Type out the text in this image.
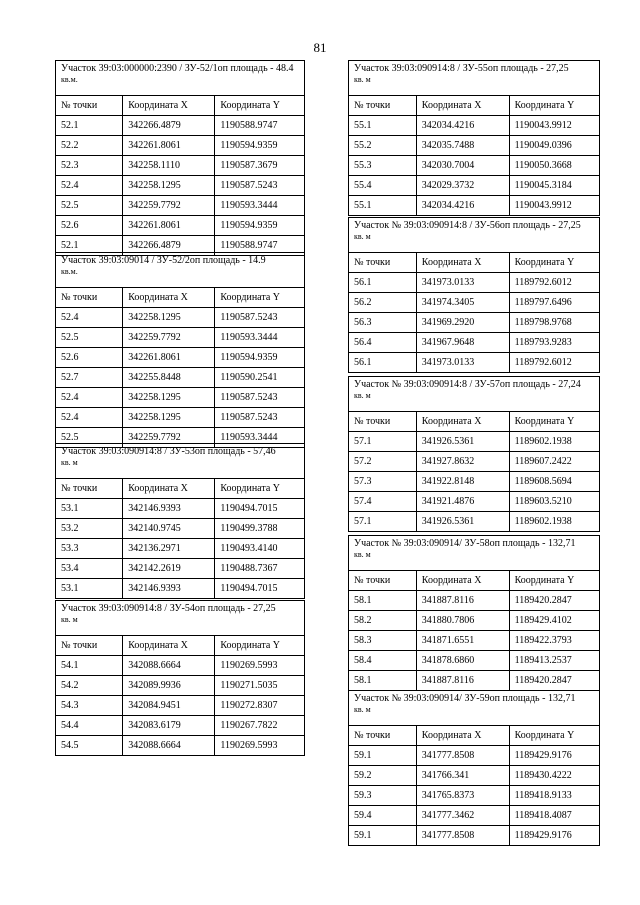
81
Участок 39:03:000000:2390 / ЗУ-52/1оп площадь - 48.4
кв.м.		
№ точки	Координата X	Координата Y
52.1	342266.4879	1190588.9747
52.2	342261.8061	1190594.9359
52.3	342258.1110	1190587.3679
52.4	342258.1295	1190587.5243
52.5	342259.7792	1190593.3444
52.6	342261.8061	1190594.9359
52.1	342266.4879	1190588.9747
Участок 39:03:09014 / ЗУ-52/2оп площадь - 14.9
кв.м.		
№ точки	Координата X	Координата Y
52.4	342258.1295	1190587.5243
52.5	342259.7792	1190593.3444
52.6	342261.8061	1190594.9359
52.7	342255.8448	1190590.2541
52.4	342258.1295	1190587.5243
52.4	342258.1295	1190587.5243
52.5	342259.7792	1190593.3444
Участок 39:03:090914:8 / ЗУ-53оп площадь - 57,46
кв. м		
№ точки	Координата X	Координата Y
53.1	342146.9393	1190494.7015
53.2	342140.9745	1190499.3788
53.3	342136.2971	1190493.4140
53.4	342142.2619	1190488.7367
53.1	342146.9393	1190494.7015
Участок 39:03:090914:8 / ЗУ-54оп площадь - 27,25
кв. м		
№ точки	Координата X	Координата Y
54.1	342088.6664	1190269.5993
54.2	342089.9936	1190271.5035
54.3	342084.9451	1190272.8307
54.4	342083.6179	1190267.7822
54.5	342088.6664	1190269.5993
Участок 39:03:090914:8 / ЗУ-55оп площадь - 27,25
кв. м		
№ точки	Координата X	Координата Y
55.1	342034.4216	1190043.9912
55.2	342035.7488	1190049.0396
55.3	342030.7004	1190050.3668
55.4	342029.3732	1190045.3184
55.1	342034.4216	1190043.9912
Участок № 39:03:090914:8 / ЗУ-56оп площадь - 27,25
кв. м		
№ точки	Координата X	Координата Y
56.1	341973.0133	1189792.6012
56.2	341974.3405	1189797.6496
56.3	341969.2920	1189798.9768
56.4	341967.9648	1189793.9283
56.1	341973.0133	1189792.6012
Участок № 39:03:090914:8 / ЗУ-57оп площадь - 27,24
кв. м		
№ точки	Координата X	Координата Y
57.1	341926.5361	1189602.1938
57.2	341927.8632	1189607.2422
57.3	341922.8148	1189608.5694
57.4	341921.4876	1189603.5210
57.1	341926.5361	1189602.1938
Участок № 39:03:090914/ ЗУ-58оп площадь - 132,71
кв. м		
№ точки	Координата X	Координата Y
58.1	341887.8116	1189420.2847
58.2	341880.7806	1189429.4102
58.3	341871.6551	1189422.3793
58.4	341878.6860	1189413.2537
58.1	341887.8116	1189420.2847
Участок № 39:03:090914/ ЗУ-59оп площадь - 132,71
кв. м		
№ точки	Координата X	Координата Y
59.1	341777.8508	1189429.9176
59.2	341766.341	1189430.4222
59.3	341765.8373	1189418.9133
59.4	341777.3462	1189418.4087
59.1	341777.8508	1189429.9176
